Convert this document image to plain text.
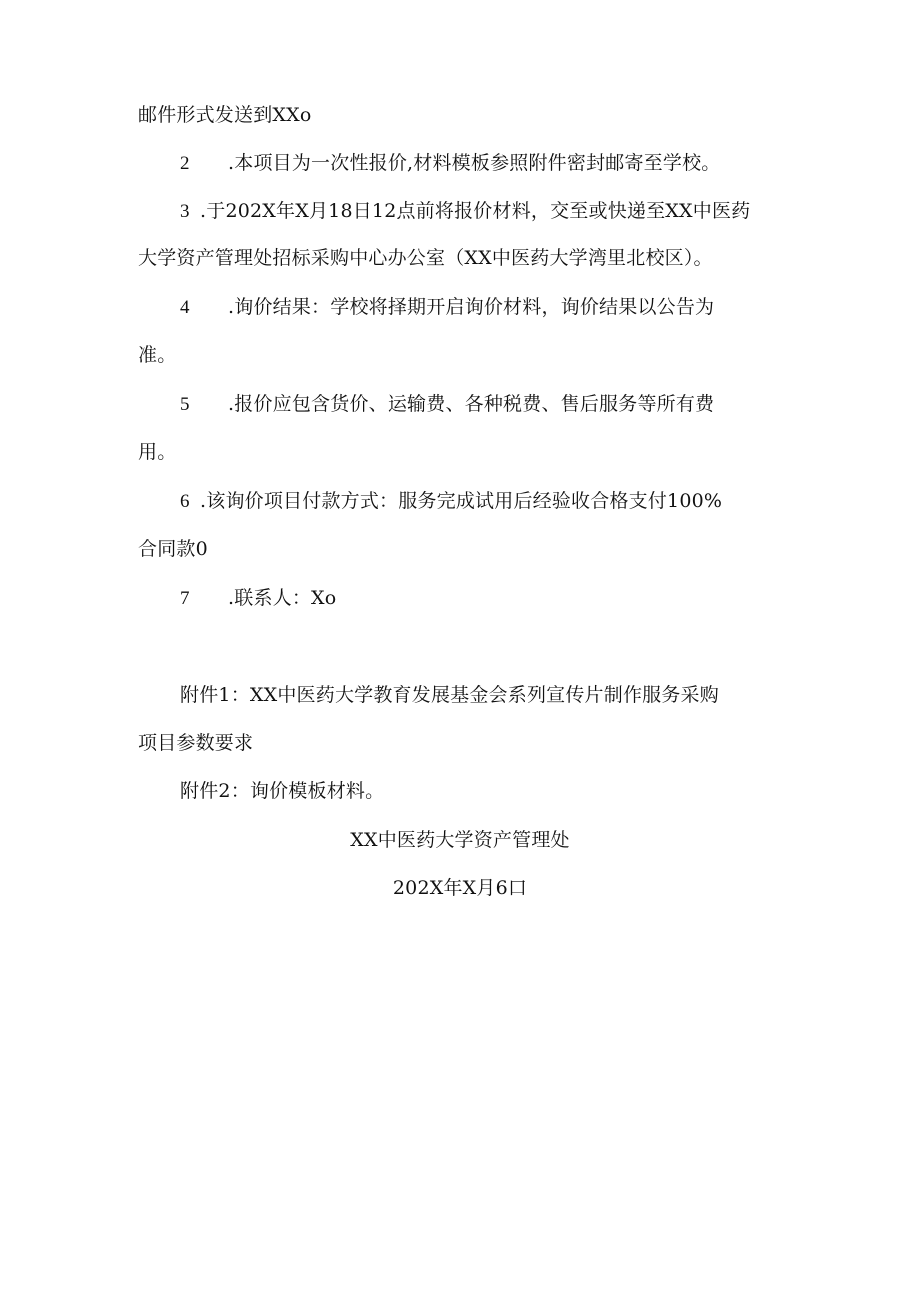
邮件形式发送到XXo
2 .本项目为一次性报价,材料模板参照附件密封邮寄至学校。
3 .于202X年X月18日12点前将报价材料，交至或快递至XX中医药
大学资产管理处招标采购中心办公室（XX中医药大学湾里北校区）。
4 .询价结果：学校将择期开启询价材料，询价结果以公告为
准。
5 .报价应包含货价、运输费、各种税费、售后服务等所有费
用。
6 .该询价项目付款方式：服务完成试用后经验收合格支付100%
合同款0
7 .联系人：Xo
附件1：XX中医药大学教育发展基金会系列宣传片制作服务采购
项目参数要求
附件2：询价模板材料。
XX中医药大学资产管理处
202X年X月6口
